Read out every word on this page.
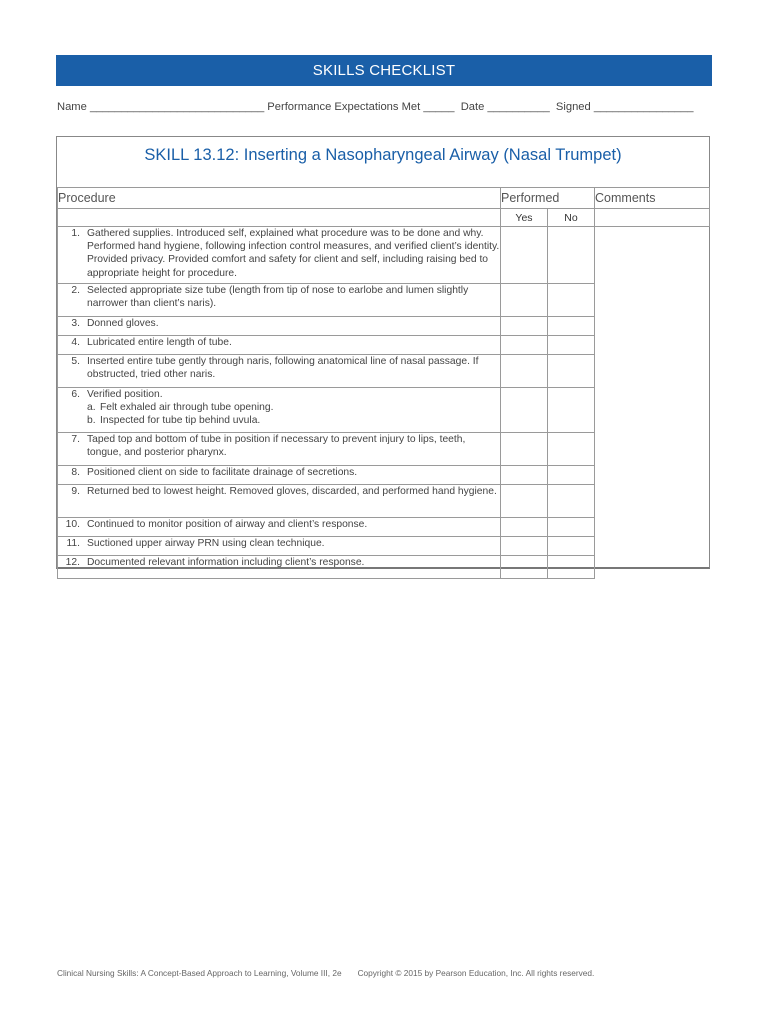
SKILLS CHECKLIST
Name ____________________________ Performance Expectations Met _____ Date __________ Signed ________________
SKILL 13.12: Inserting a Nasopharyngeal Airway (Nasal Trumpet)
Procedure	Performed		Comments
	Yes	No	

1. Gathered supplies. Introduced self, explained what procedure was to be done and why. Performed hand hygiene, following infection control measures, and verified client’s identity. Provided privacy. Provided comfort and safety for client and self, including raising bed to appropriate height for procedure.			

2. Selected appropriate size tube (length from tip of nose to earlobe and lumen slightly narrower than client’s naris).			

3. Donned gloves.			

4. Lubricated entire length of tube.			

5. Inserted entire tube gently through naris, following anatomical line of nasal passage. If obstructed, tried other naris.			

6. Verified position.
a. Felt exhaled air through tube opening.
b. Inspected for tube tip behind uvula.			

7. Taped top and bottom of tube in position if necessary to prevent injury to lips, teeth, tongue, and posterior pharynx.			

8. Positioned client on side to facilitate drainage of secretions.			

9. Returned bed to lowest height. Removed gloves, discarded, and performed hand hygiene.			

10. Continued to monitor position of airway and client’s response.			

11. Suctioned upper airway PRN using clean technique.			

12. Documented relevant information including client’s response.			

Clinical Nursing Skills: A Concept-Based Approach to Learning, Volume III, 2e Copyright © 2015 by Pearson Education, Inc. All rights reserved.
